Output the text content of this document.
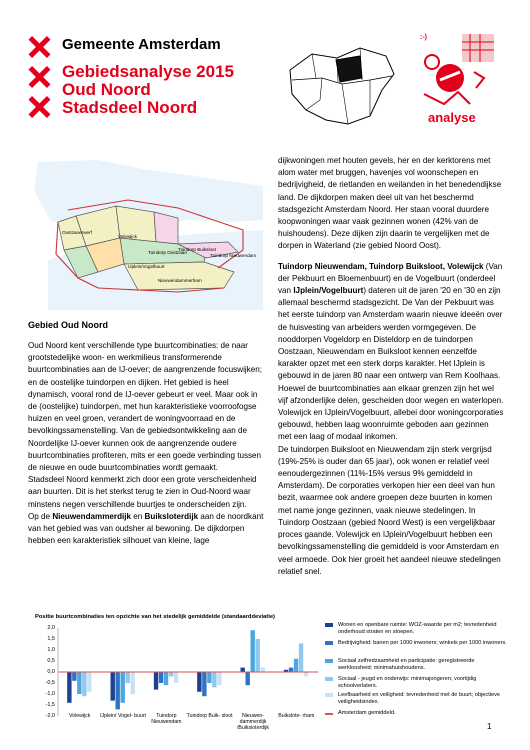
Gemeente Amsterdam
Gebiedsanalyse 2015
Oud Noord
Stadsdeel Noord
:-)
analyse
Oostzanerwerf
Volewijck
Tuindorp Oostzaan
IJplein/Vogelbuurt
Tuindorp Nieuwendam
Tuindorp Buiksloot
Nieuwendammerham
Gebied Oud Noord

Oud Noord kent verschillende type buurtcombinaties: de naar grootstedelijke woon- en werkmilieus transformerende buurtcombinaties aan de IJ-oever; de aangrenzende focuswijken; en de oostelijke tuindorpen en dijken. Het gebied is heel dynamisch, vooral rond de IJ-oever gebeurt er veel. Maar ook in de (oostelijke) tuindorpen, met hun karakteristieke voorroofogse huizen en veel groen, verandert de woningvoorraad en de bevolkingssamenstelling. Van de gebiedsontwikkeling aan de Noordelijke IJ-oever kunnen ook de aangrenzende oudere buurtcombinaties profiteren, mits er een goede verbinding tussen de nieuwe en oude buurtcombinaties wordt gemaakt.

Stadsdeel Noord kenmerkt zich door een grote verscheidenheid aan buurten. Dit is het sterkst terug te zien in Oud-Noord waar minstens negen verschillende buurtjes te onderscheiden zijn.

Op de Nieuwendammerdijk en Buiksloterdijk aan de noordkant van het gebied was van oudsher al bewoning. De dijkdorpen hebben een karakteristiek silhouet van kleine, lage

dijkwoningen met houten gevels, her en der kerktorens met alom water met bruggen, havenjes vol woonschepen en bedrijvigheid, de rietlanden en weilanden in het benedendijkse land. De dijkdorpen maken deel uit van het beschermd stadsgezicht Amsterdam Noord. Her staan vooral duurdere koopwoningen waar vaak gezinnen wonen (42% van de huishoudens). Deze dijken zijn daarin te vergelijken met de dorpen in Waterland (zie gebied Noord Oost).

Tuindorp Nieuwendam, Tuindorp Buiksloot, Volewijck (Van der Pekbuurt en Bloemenbuurt) en de Vogelbuurt (onderdeel van IJplein/Vogelbuurt) dateren uit de jaren '20 en '30 en zijn allemaal beschermd stadsgezicht. De Van der Pekbuurt was het eerste tuindorp van Amsterdam waarin nieuwe ideeën over de huisvesting van arbeiders werden vormgegeven. De nooddorpen Vogeldorp en Disteldorp en de tuindorpen Oostzaan, Nieuwendam en Buiksloot kennen eenzelfde karakter opzet met een sterk dorps karakter. Het IJplein is gebouwd in de jaren 80 naar een ontwerp van Rem Koolhaas. Hoewel de buurtcombinaties aan elkaar grenzen zijn het wel vijf afzonderlijke delen, gescheiden door wegen en waterlopen. Volewijck en IJplein/Vogelbuurt, allebei door woningcorporaties gebouwd, hebben laag woonruimte geboden aan gezinnen met een laag of modaal inkomen.

De tuindorpen Buiksloot en Nieuwendam zijn sterk vergrijsd (19%-25% is ouder dan 65 jaar), ook wonen er relatief veel eenoudergezinnen (11%-15% versus 9% gemiddeld in Amsterdam). De corporaties verkopen hier een deel van hun bezit, waarmee ook andere groepen deze buurten in komen met name jonge gezinnen, vaak nieuwe stedelingen. In Tuindorp Oostzaan (gebied Noord West) is een vergelijkbaar proces gaande. Volewijck en IJplein/Vogelbuurt hebben een bevolkingssamenstelling die gemiddeld is voor Amsterdam en veel armoede. Ook hier groeit het aandeel nieuwe stedelingen relatief snel.

Positie buurtcombinaties ten opzichte van het stedelijk gemiddelde (standaarddeviatie)
2,0
1,5
1,0
0,5
0,0
-0,5
-1,0
-1,5
-2,0	Volewijck	IJplein/ Vogel- buurt	Tuindorp Nieuwendam
Tuindorp Buik- sloot	Nieuwen- dammerdijk /Buiksloterdijk
Buikslote- rham
Wonen en openbare ruimte: WOZ-waarde per m2; tevredenheid onderhoud straten en stoepen.
Bedrijvigheid: banen per 1000 inwoners; winkels per 1000 inwoners.
Sociaal zelfredzaamheid en participatie: geregistreerde werkloosheid; minimahuishoudens.
Sociaal - jeugd en onderwijs: minimajongeren; voortijdig schoolverlaters.
Leefbaarheid en veiligheid: tevredenheid met de buurt; objectieve veiligheidsindex.
Amsterdam gemiddeld.
1
